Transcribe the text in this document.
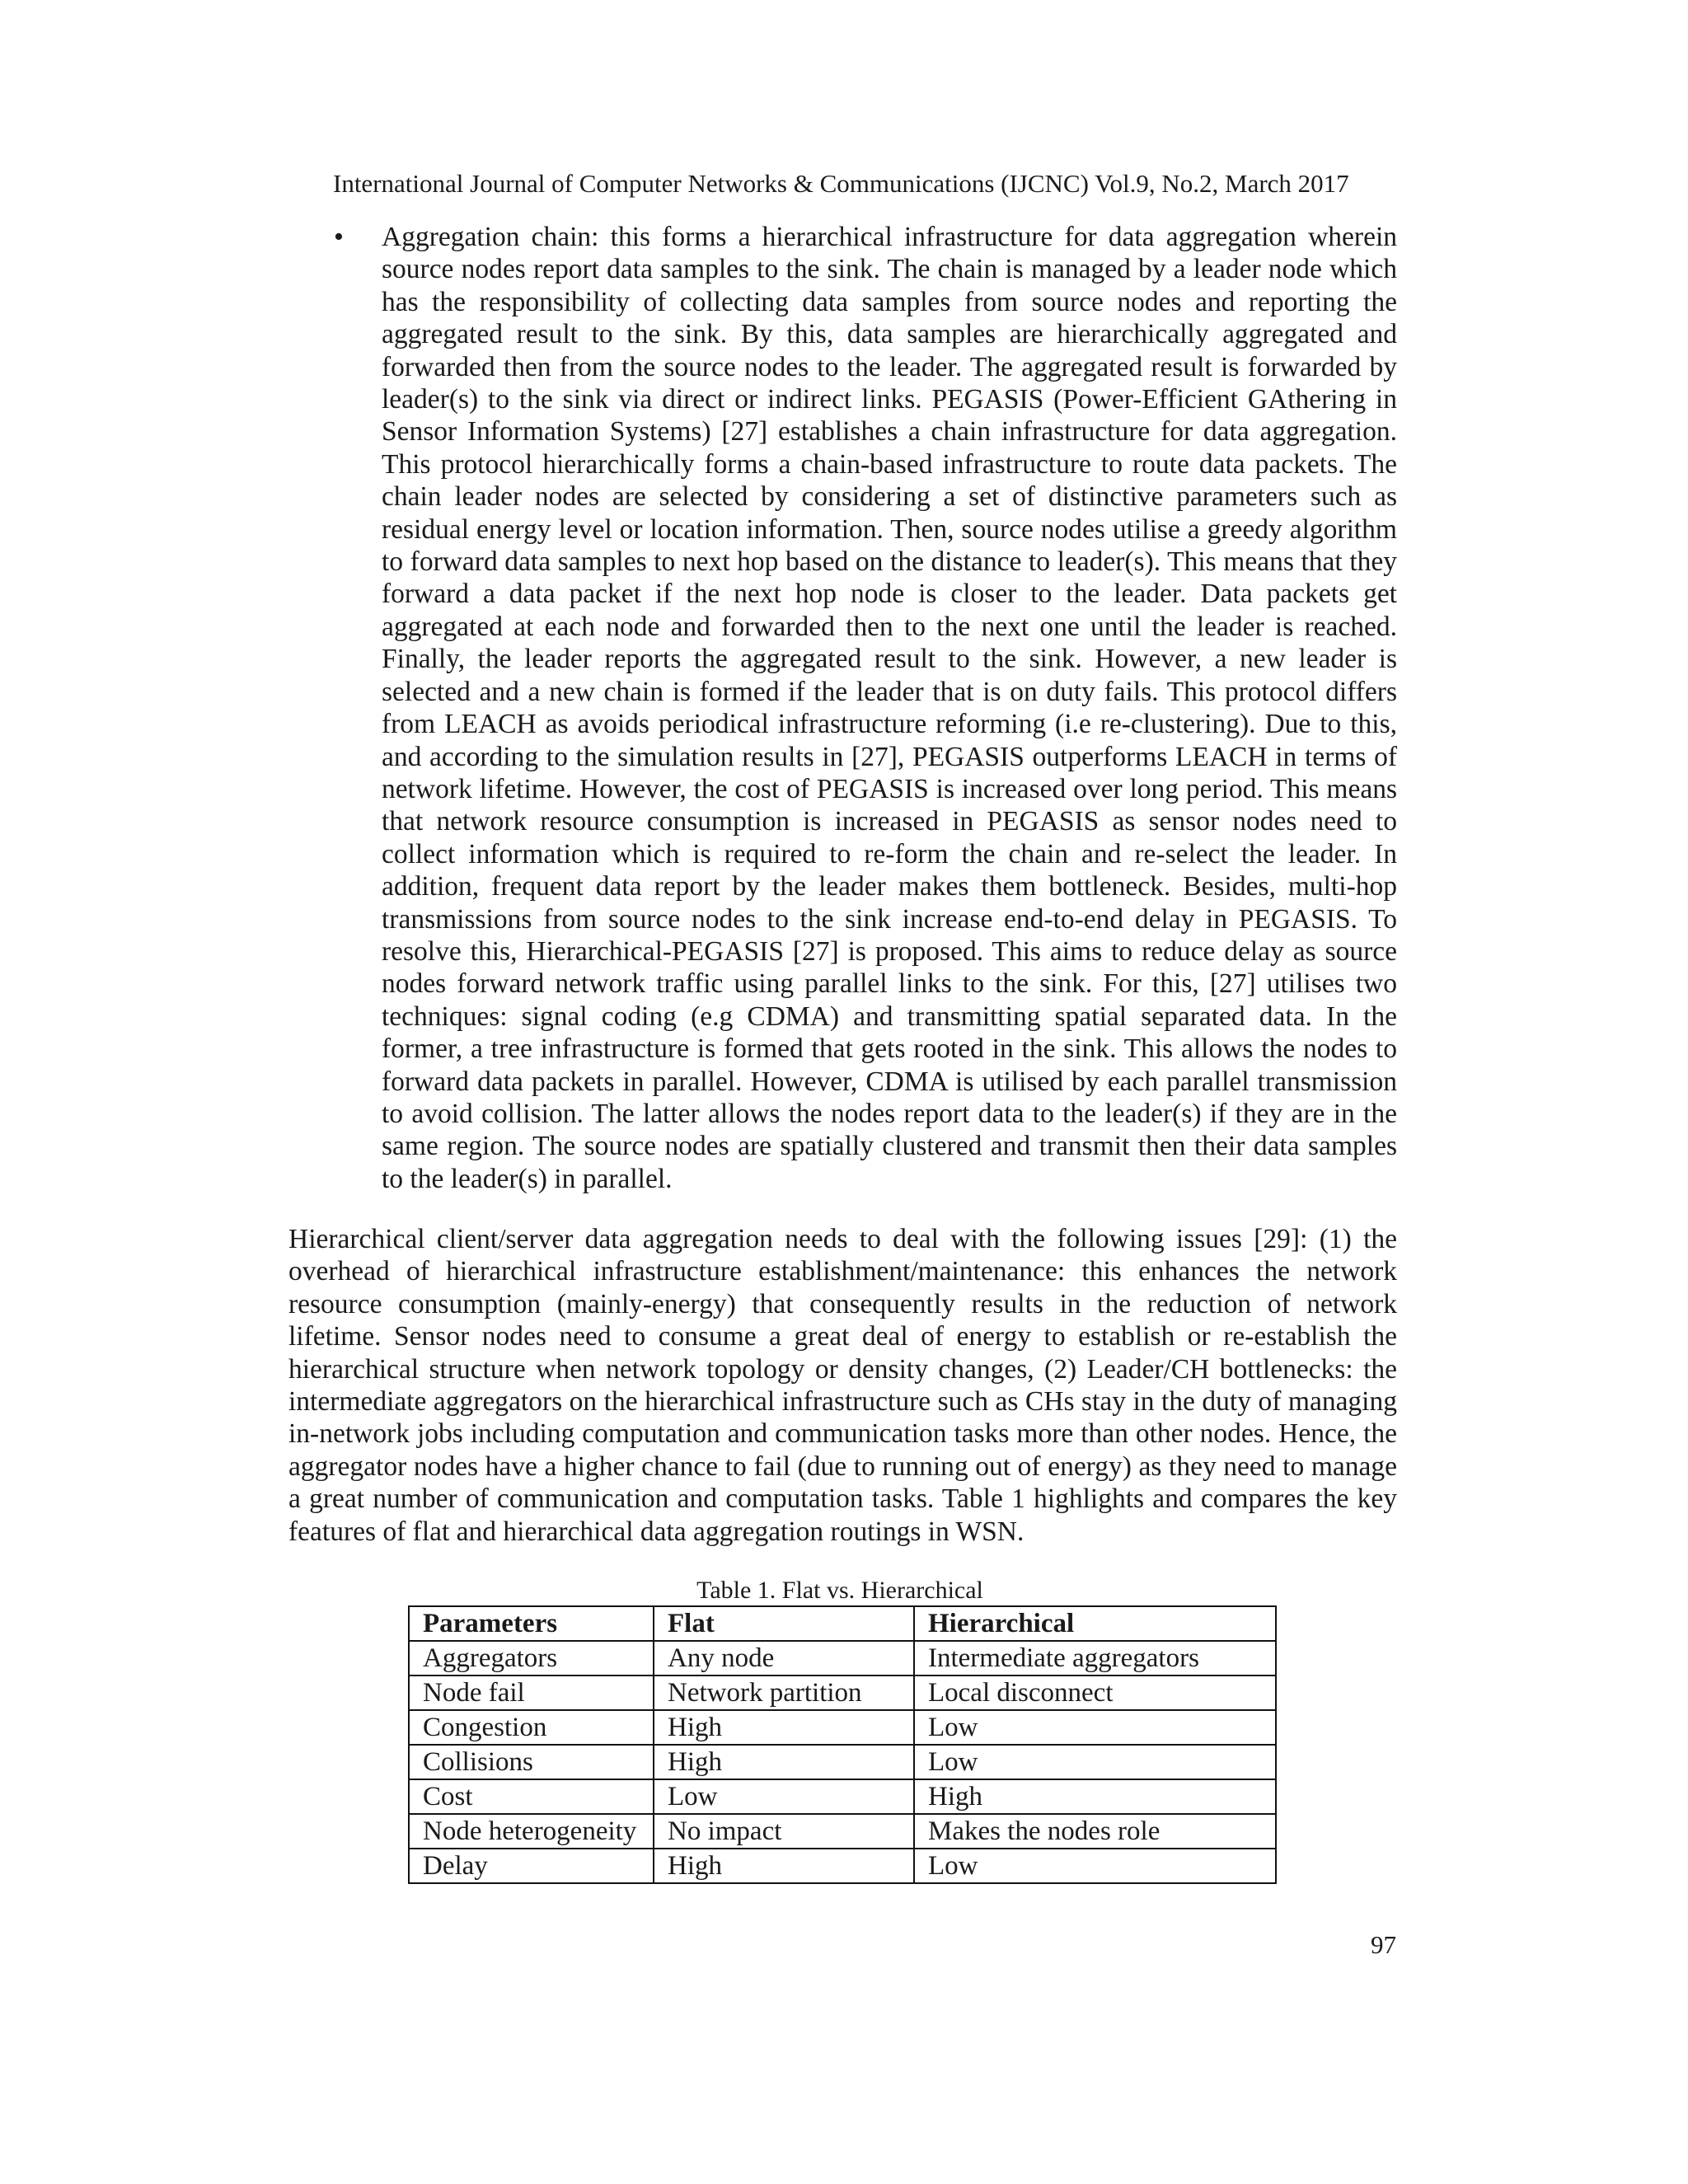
International Journal of Computer Networks & Communications (IJCNC) Vol.9, No.2, March 2017
• Aggregation chain: this forms a hierarchical infrastructure for data aggregation wherein source nodes report data samples to the sink. The chain is managed by a leader node which has the responsibility of collecting data samples from source nodes and reporting the aggregated result to the sink. By this, data samples are hierarchically aggregated and forwarded then from the source nodes to the leader. The aggregated result is forwarded by leader(s) to the sink via direct or indirect links. PEGASIS (Power-Efficient GAthering in Sensor Information Systems) [27] establishes a chain infrastructure for data aggregation. This protocol hierarchically forms a chain-based infrastructure to route data packets. The chain leader nodes are selected by considering a set of distinctive parameters such as residual energy level or location information. Then, source nodes utilise a greedy algorithm to forward data samples to next hop based on the distance to leader(s). This means that they forward a data packet if the next hop node is closer to the leader. Data packets get aggregated at each node and forwarded then to the next one until the leader is reached. Finally, the leader reports the aggregated result to the sink. However, a new leader is selected and a new chain is formed if the leader that is on duty fails. This protocol differs from LEACH as avoids periodical infrastructure reforming (i.e re-clustering). Due to this, and according to the simulation results in [27], PEGASIS outperforms LEACH in terms of network lifetime. However, the cost of PEGASIS is increased over long period. This means that network resource consumption is increased in PEGASIS as sensor nodes need to collect information which is required to re-form the chain and re-select the leader. In addition, frequent data report by the leader makes them bottleneck. Besides, multi-hop transmissions from source nodes to the sink increase end-to-end delay in PEGASIS. To resolve this, Hierarchical-PEGASIS [27] is proposed. This aims to reduce delay as source nodes forward network traffic using parallel links to the sink. For this, [27] utilises two techniques: signal coding (e.g CDMA) and transmitting spatial separated data. In the former, a tree infrastructure is formed that gets rooted in the sink. This allows the nodes to forward data packets in parallel. However, CDMA is utilised by each parallel transmission to avoid collision. The latter allows the nodes report data to the leader(s) if they are in the same region. The source nodes are spatially clustered and transmit then their data samples to the leader(s) in parallel.

Hierarchical client/server data aggregation needs to deal with the following issues [29]: (1) the overhead of hierarchical infrastructure establishment/maintenance: this enhances the network resource consumption (mainly-energy) that consequently results in the reduction of network lifetime. Sensor nodes need to consume a great deal of energy to establish or re-establish the hierarchical structure when network topology or density changes, (2) Leader/CH bottlenecks: the intermediate aggregators on the hierarchical infrastructure such as CHs stay in the duty of managing in-network jobs including computation and communication tasks more than other nodes. Hence, the aggregator nodes have a higher chance to fail (due to running out of energy) as they need to manage a great number of communication and computation tasks. Table 1 highlights and compares the key features of flat and hierarchical data aggregation routings in WSN.

Table 1. Flat vs. Hierarchical
Parameters	Flat	Hierarchical
Aggregators	Any node	Intermediate aggregators
Node fail	Network partition	Local disconnect
Congestion	High	Low
Collisions	High	Low
Cost	Low	High
Node heterogeneity	No impact	Makes the nodes role
Delay	High	Low
97
